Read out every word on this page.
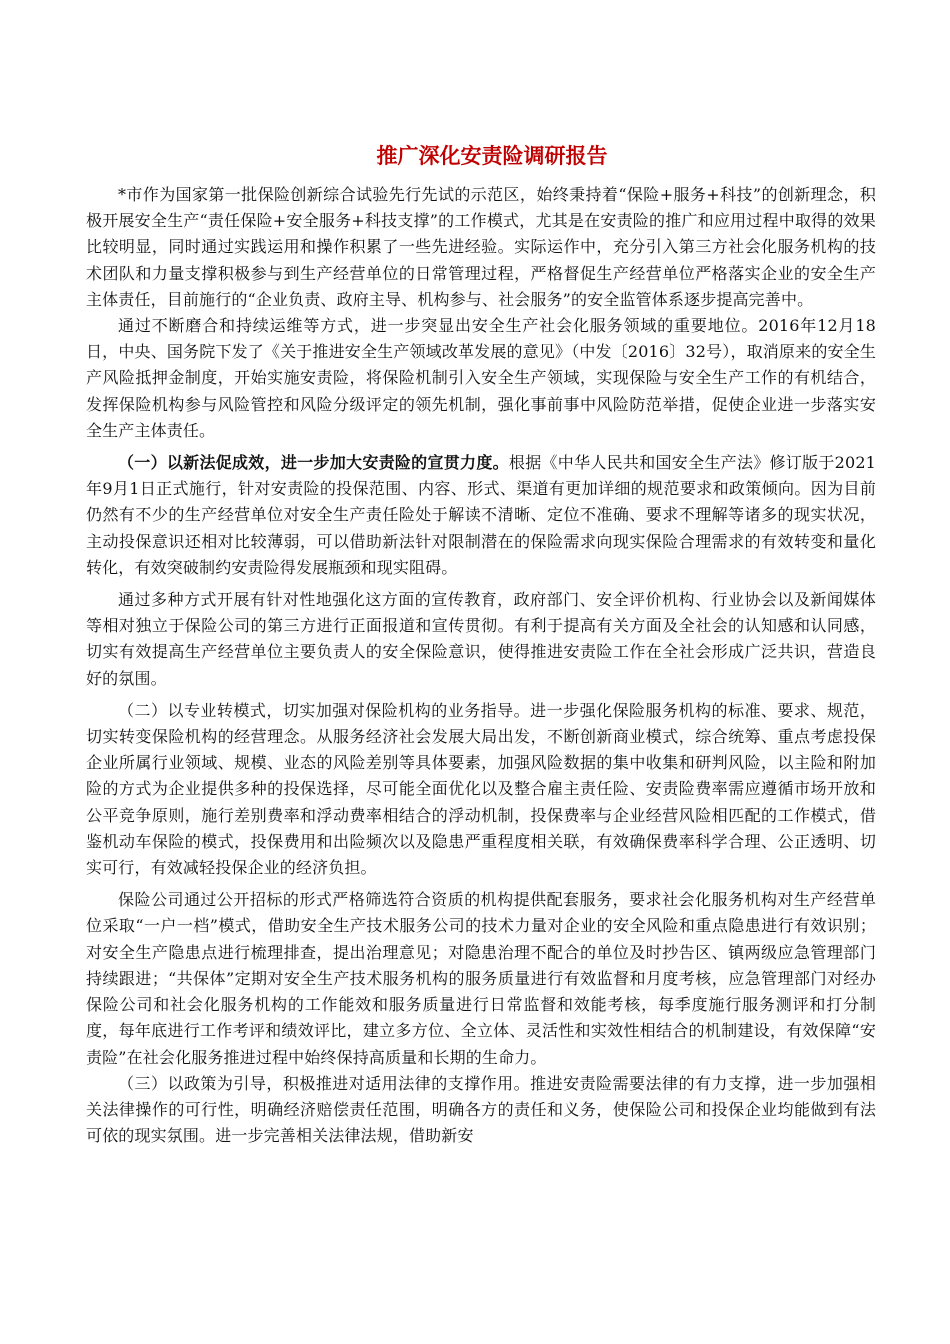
推广深化安责险调研报告

*市作为国家第一批保险创新综合试验先行先试的示范区，始终秉持着“保险+服务+科技”的创新理念，积极开展安全生产“责任保险+安全服务+科技支撑”的工作模式，尤其是在安责险的推广和应用过程中取得的效果比较明显，同时通过实践运用和操作积累了一些先进经验。实际运作中，充分引入第三方社会化服务机构的技术团队和力量支撑积极参与到生产经营单位的日常管理过程，严格督促生产经营单位严格落实企业的安全生产主体责任，目前施行的“企业负责、政府主导、机构参与、社会服务”的安全监管体系逐步提高完善中。

通过不断磨合和持续运维等方式，进一步突显出安全生产社会化服务领域的重要地位。2016年12月18日，中央、国务院下发了《关于推进安全生产领域改革发展的意见》（中发〔2016〕32号），取消原来的安全生产风险抵押金制度，开始实施安责险，将保险机制引入安全生产领域，实现保险与安全生产工作的有机结合，发挥保险机构参与风险管控和风险分级评定的领先机制，强化事前事中风险防范举措，促使企业进一步落实安全生产主体责任。

（一）以新法促成效，进一步加大安责险的宣贯力度。根据《中华人民共和国安全生产法》修订版于2021年9月1日正式施行，针对安责险的投保范围、内容、形式、渠道有更加详细的规范要求和政策倾向。因为目前仍然有不少的生产经营单位对安全生产责任险处于解读不清晰、定位不准确、要求不理解等诸多的现实状况，主动投保意识还相对比较薄弱，可以借助新法针对限制潜在的保险需求向现实保险合理需求的有效转变和量化转化，有效突破制约安责险得发展瓶颈和现实阻碍。

通过多种方式开展有针对性地强化这方面的宣传教育，政府部门、安全评价机构、行业协会以及新闻媒体等相对独立于保险公司的第三方进行正面报道和宣传贯彻。有利于提高有关方面及全社会的认知感和认同感，切实有效提高生产经营单位主要负责人的安全保险意识，使得推进安责险工作在全社会形成广泛共识，营造良好的氛围。

（二）以专业转模式，切实加强对保险机构的业务指导。进一步强化保险服务机构的标准、要求、规范，切实转变保险机构的经营理念。从服务经济社会发展大局出发，不断创新商业模式，综合统筹、重点考虑投保企业所属行业领域、规模、业态的风险差别等具体要素，加强风险数据的集中收集和研判风险，以主险和附加险的方式为企业提供多种的投保选择，尽可能全面优化以及整合雇主责任险、安责险费率需应遵循市场开放和公平竞争原则，施行差别费率和浮动费率相结合的浮动机制，投保费率与企业经营风险相匹配的工作模式，借鉴机动车保险的模式，投保费用和出险频次以及隐患严重程度相关联，有效确保费率科学合理、公正透明、切实可行，有效减轻投保企业的经济负担。

保险公司通过公开招标的形式严格筛选符合资质的机构提供配套服务，要求社会化服务机构对生产经营单位采取“一户一档”模式，借助安全生产技术服务公司的技术力量对企业的安全风险和重点隐患进行有效识别；对安全生产隐患点进行梳理排查，提出治理意见；对隐患治理不配合的单位及时抄告区、镇两级应急管理部门持续跟进；“共保体”定期对安全生产技术服务机构的服务质量进行有效监督和月度考核，应急管理部门对经办保险公司和社会化服务机构的工作能效和服务质量进行日常监督和效能考核，每季度施行服务测评和打分制度，每年底进行工作考评和绩效评比，建立多方位、全立体、灵活性和实效性相结合的机制建设，有效保障“安责险”在社会化服务推进过程中始终保持高质量和长期的生命力。

（三）以政策为引导，积极推进对适用法律的支撑作用。推进安责险需要法律的有力支撑，进一步加强相关法律操作的可行性，明确经济赔偿责任范围，明确各方的责任和义务，使保险公司和投保企业均能做到有法可依的现实氛围。进一步完善相关法律法规，借助新安
